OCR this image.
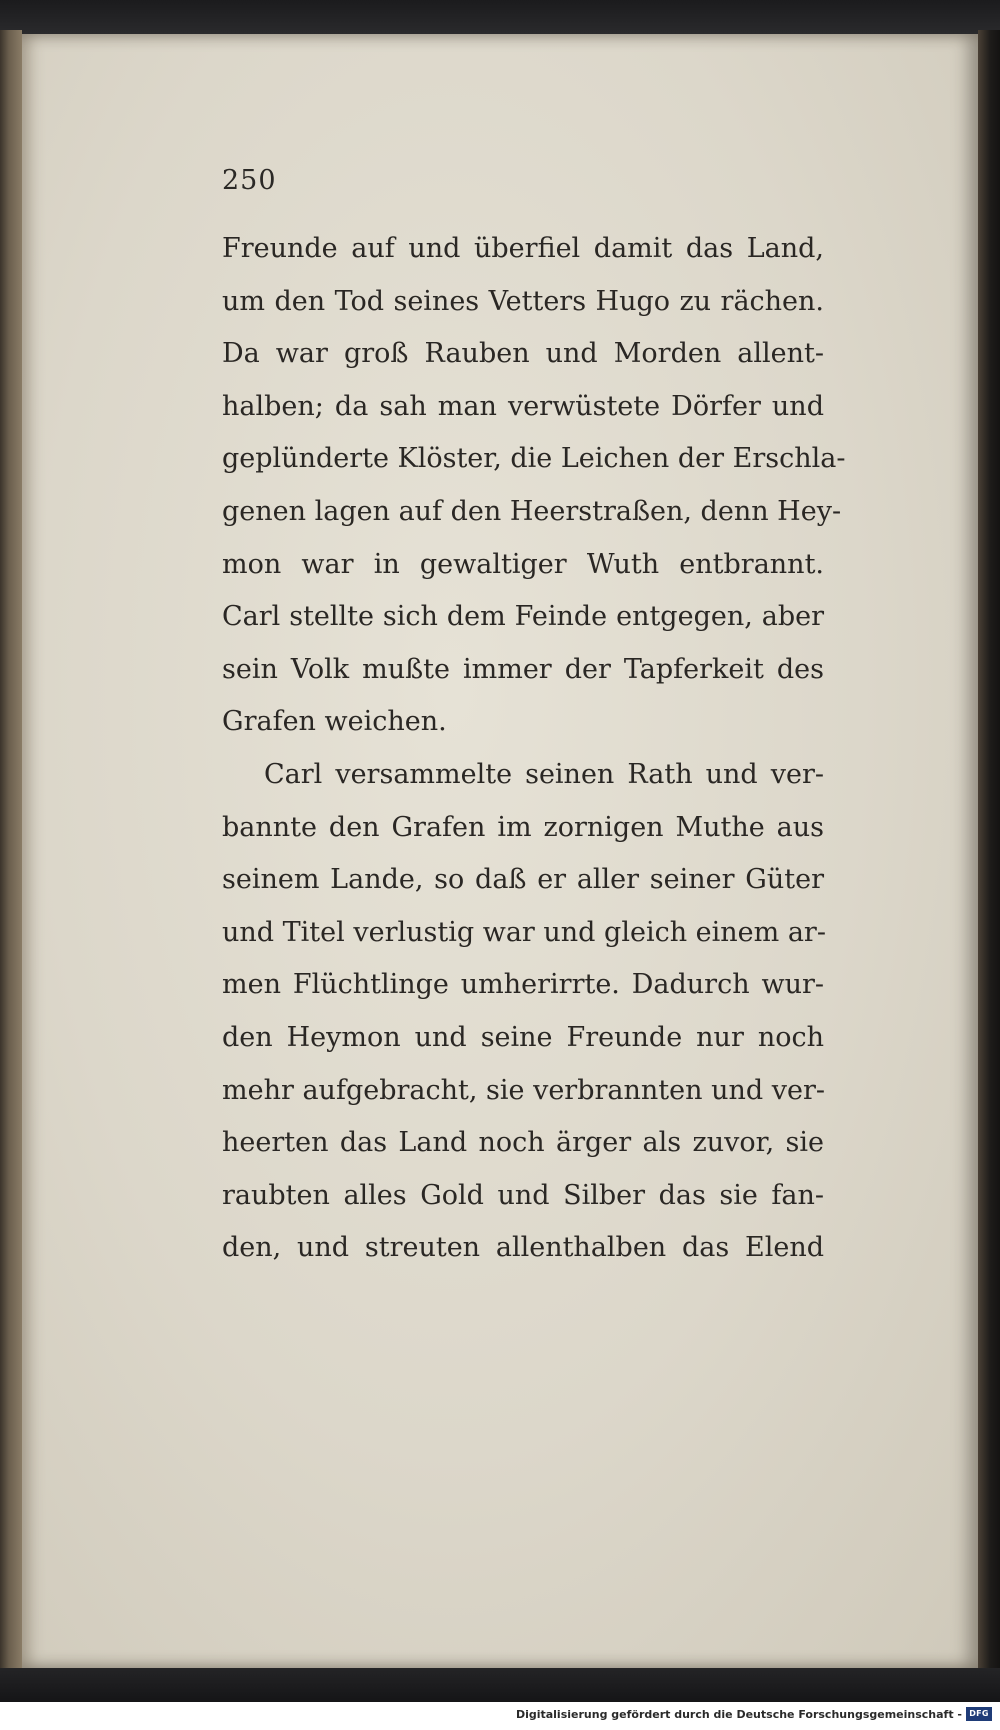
250
Freunde auf und überfiel damit das Land,
um den Tod seines Vetters Hugo zu rächen.
Da war groß Rauben und Morden allent-
halben; da sah man verwüstete Dörfer und
geplünderte Klöster, die Leichen der Erschla-
genen lagen auf den Heerstraßen, denn Hey-
mon war in gewaltiger Wuth entbrannt.
Carl stellte sich dem Feinde entgegen, aber
sein Volk mußte immer der Tapferkeit des
Grafen weichen.
Carl versammelte seinen Rath und ver-
bannte den Grafen im zornigen Muthe aus
seinem Lande, so daß er aller seiner Güter
und Titel verlustig war und gleich einem ar-
men Flüchtlinge umherirrte. Dadurch wur-
den Heymon und seine Freunde nur noch
mehr aufgebracht, sie verbrannten und ver-
heerten das Land noch ärger als zuvor, sie
raubten alles Gold und Silber das sie fan-
den, und streuten allenthalben das Elend
Digitalisierung gefördert durch die Deutsche Forschungsgemeinschaft - DFG
